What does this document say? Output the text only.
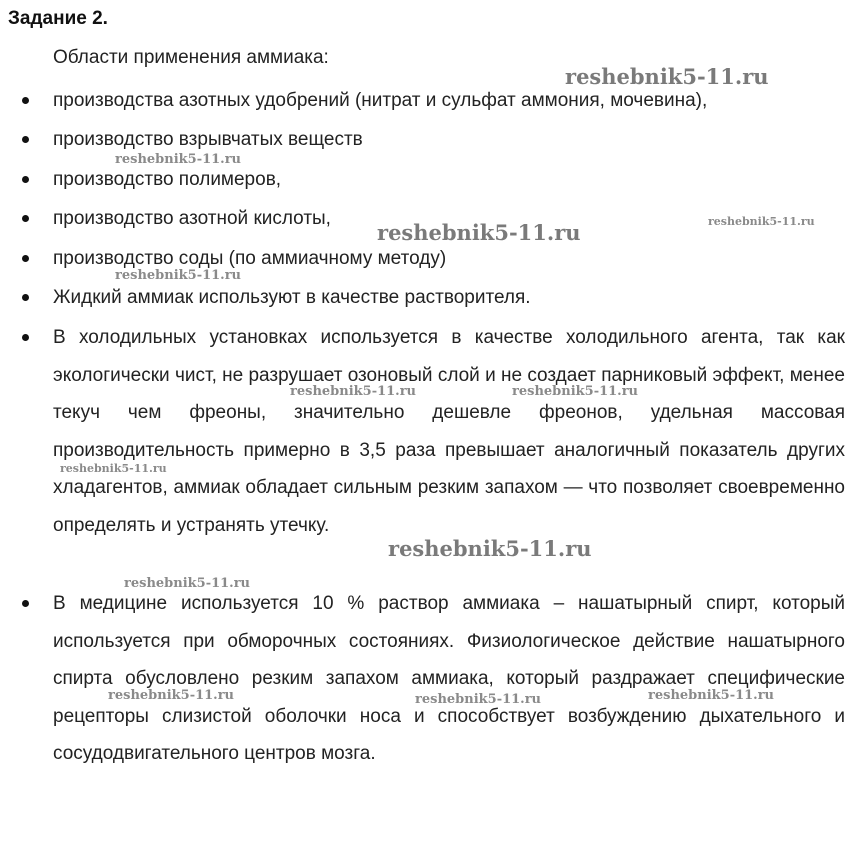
Задание 2.
Области применения аммиака:
производства азотных удобрений (нитрат и сульфат аммония, мочевина),
производство взрывчатых веществ
производство полимеров,
производство азотной кислоты,
производство соды (по аммиачному методу)
Жидкий аммиак используют в качестве растворителя.
В холодильных установках используется в качестве холодильного агента, так как экологически чист, не разрушает озоновый слой и не создает парниковый эффект, менее текуч чем фреоны, значительно дешевле фреонов, удельная массовая производительность примерно в 3,5 раза превышает аналогичный показатель других хладагентов, аммиак обладает сильным резким запахом — что позволяет своевременно определять и устранять утечку.
В медицине используется 10 % раствор аммиака – нашатырный спирт, который используется при обморочных состояниях. Физиологическое действие нашатырного спирта обусловлено резким запахом аммиака, который раздражает специфические рецепторы слизистой оболочки носа и способствует возбуждению дыхательного и сосудодвигательного центров мозга.
reshebnik5-11.ru
reshebnik5-11.ru
reshebnik5-11.ru	reshebnik5-11.ru
reshebnik5-11.ru
reshebnik5-11.ru	reshebnik5-11.ru
reshebnik5-11.ru
reshebnik5-11.ru
reshebnik5-11.ru
reshebnik5-11.ru	reshebnik5-11.ru	reshebnik5-11.ru
